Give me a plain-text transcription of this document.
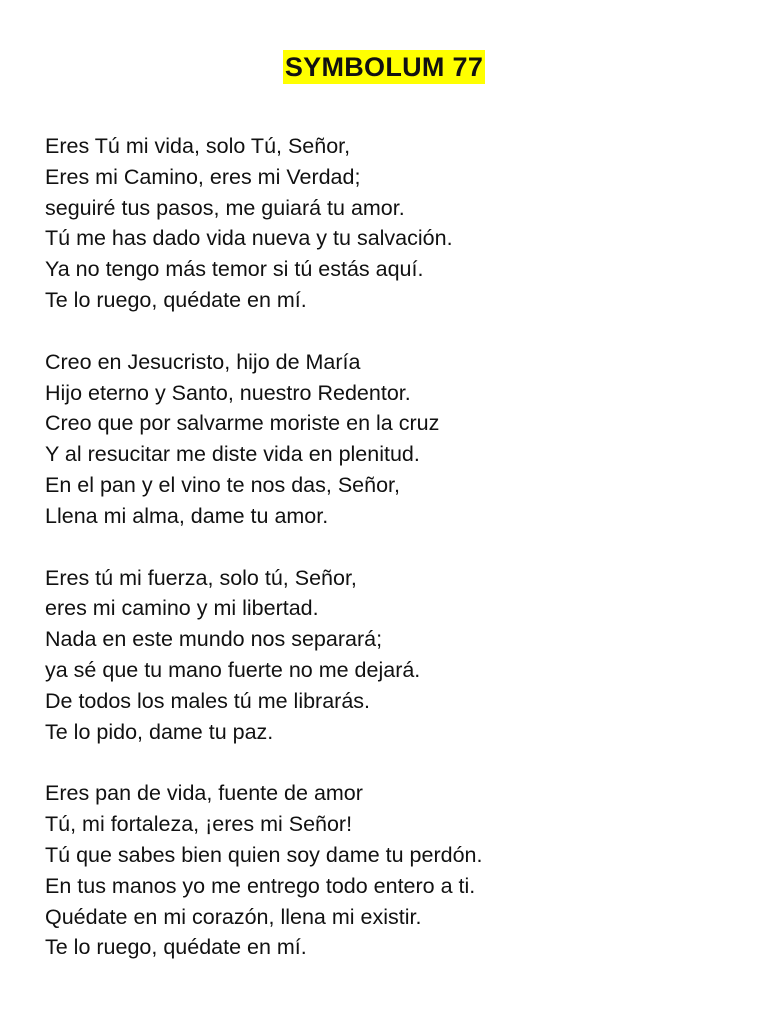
SYMBOLUM 77
Eres Tú mi vida, solo Tú, Señor,
Eres mi Camino, eres mi Verdad;
seguiré tus pasos, me guiará tu amor.
Tú me has dado vida nueva y tu salvación.
Ya no tengo más temor si tú estás aquí.
Te lo ruego, quédate en mí.
Creo en Jesucristo, hijo de María
Hijo eterno y Santo, nuestro Redentor.
Creo que por salvarme moriste en la cruz
Y al resucitar me diste vida en plenitud.
En el pan y el vino te nos das, Señor,
Llena mi alma, dame tu amor.
Eres tú mi fuerza, solo tú, Señor,
eres mi camino y mi libertad.
Nada en este mundo nos separará;
ya sé que tu mano fuerte no me dejará.
De todos los males tú me librarás.
Te lo pido, dame tu paz.
Eres pan de vida, fuente de amor
Tú, mi fortaleza, ¡eres mi Señor!
Tú que sabes bien quien soy dame tu perdón.
En tus manos yo me entrego todo entero a ti.
Quédate en mi corazón, llena mi existir.
Te lo ruego, quédate en mí.
